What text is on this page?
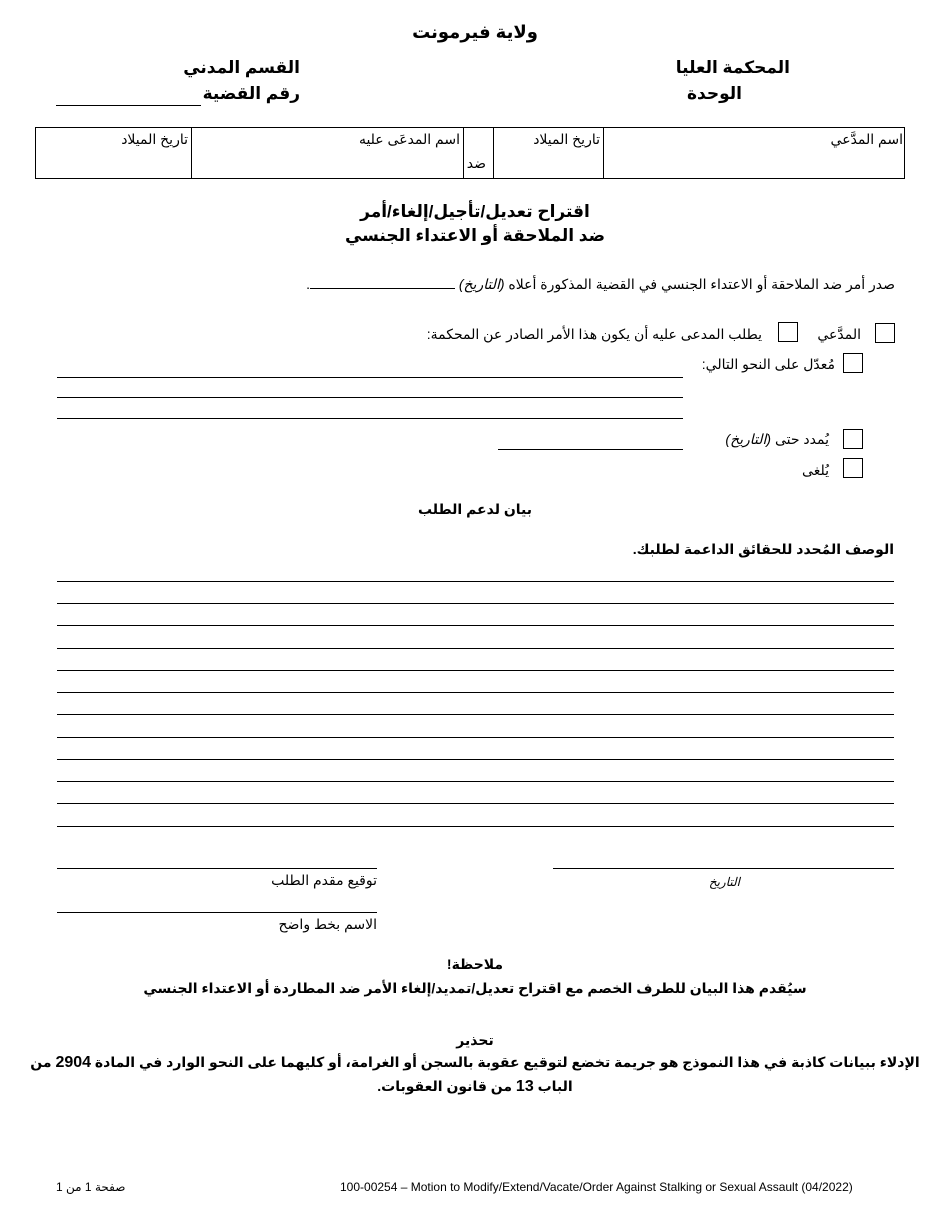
ولاية فيرمونت
المحكمة العليا
الوحدة
القسم المدني
رقم القضية
اسم المدَّعي
تاريخ الميلاد
ضد
اسم المدعَى عليه
تاريخ الميلاد
اقتراح تعديل/تأجيل/إلغاء/أمر
ضد الملاحقة أو الاعتداء الجنسي
صدر أمر ضد الملاحقة أو الاعتداء الجنسي في القضية المذكورة أعلاه (التاريخ) .
المدَّعي
يطلب المدعى عليه أن يكون هذا الأمر الصادر عن المحكمة:
مُعدّل على النحو التالي:
يُمدد حتى (التاريخ)
يُلغى
بيان لدعم الطلب
الوصف المُحدد للحقائق الداعمة لطلبك.
التاريخ
توقيع مقدم الطلب
الاسم بخط واضح
ملاحظة!
سيُقدم هذا البيان للطرف الخصم مع اقتراح تعديل/تمديد/إلغاء الأمر ضد المطاردة أو الاعتداء الجنسي
تحذير
الإدلاء ببيانات كاذبة في هذا النموذج هو جريمة تخضع لتوقيع عقوبة بالسجن أو الغرامة، أو كليهما على النحو الوارد في المادة 2904 من
الباب 13 من قانون العقوبات.
100-00254 – Motion to Modify/Extend/Vacate/Order Against Stalking or Sexual Assault (04/2022)
صفحة 1 من 1
